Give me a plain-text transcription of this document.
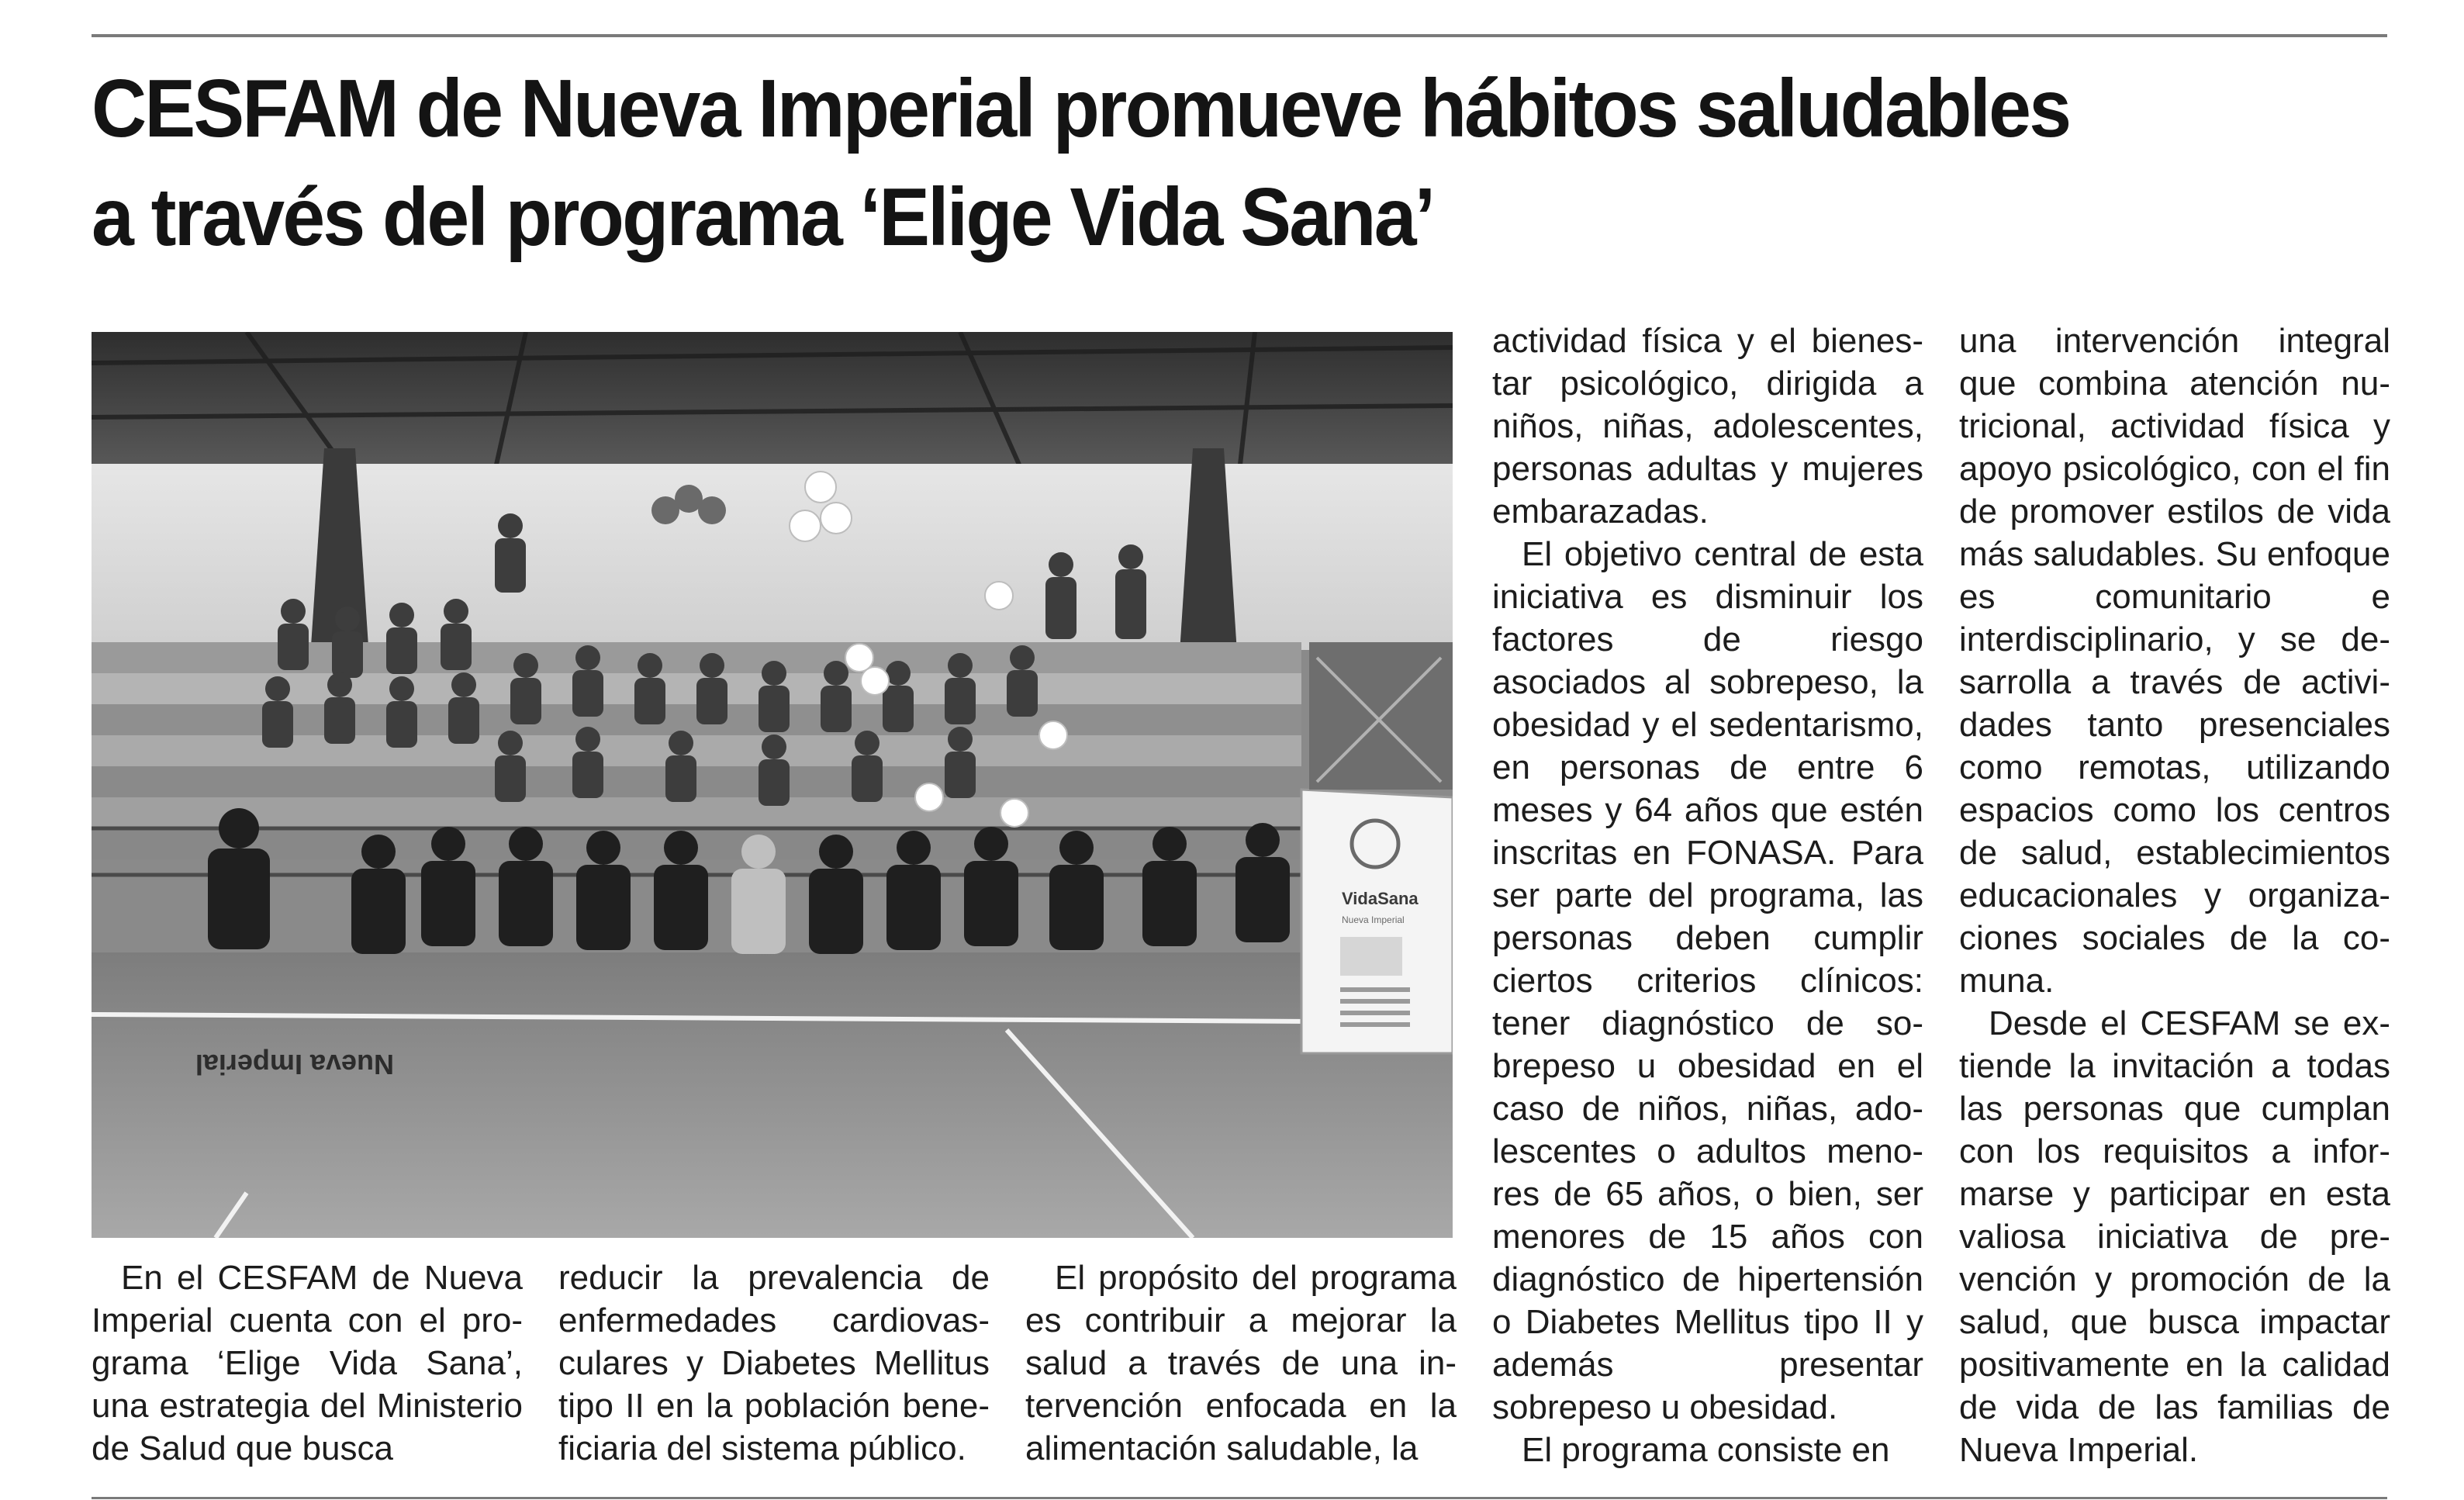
CESFAM de Nueva Imperial promueve hábitos saludables
a través del programa ‘Elige Vida Sana’
VidaSana
Nueva Imperial
Nueva Imperial

En el CESFAM de Nueva Imperial cuenta con el programa ‘Elige Vida Sana’, una estrategia del Ministerio de Salud que busca

reducir la prevalencia de enfermedades cardiovasculares y Diabetes Mellitus tipo II en la población beneficiaria del sistema público.

El propósito del programa es contribuir a mejorar la salud a través de una intervención enfocada en la alimentación saludable, la

actividad física y el bienestar psicológico, dirigida a niños, niñas, adolescentes, personas adultas y mujeres embarazadas.

El objetivo central de esta iniciativa es disminuir los factores de riesgo asociados al sobrepeso, la obesidad y el sedentarismo, en personas de entre 6 meses y 64 años que estén inscritas en FONASA. Para ser parte del programa, las personas deben cumplir ciertos criterios clínicos: tener diagnóstico de sobrepeso u obesidad en el caso de niños, niñas, adolescentes o adultos menores de 65 años, o bien, ser menores de 15 años con diagnóstico de hipertensión o Diabetes Mellitus tipo II y además presentar sobrepeso u obesidad.

El programa consiste en

una intervención integral que combina atención nutricional, actividad física y apoyo psicológico, con el fin de promover estilos de vida más saludables. Su enfoque es comunitario e interdisciplinario, y se desarrolla a través de actividades tanto presenciales como remotas, utilizando espacios como los centros de salud, establecimientos educacionales y organizaciones sociales de la comuna.

Desde el CESFAM se extiende la invitación a todas las personas que cumplan con los requisitos a informarse y participar en esta valiosa iniciativa de prevención y promoción de la salud, que busca impactar positivamente en la calidad de vida de las familias de Nueva Imperial.
